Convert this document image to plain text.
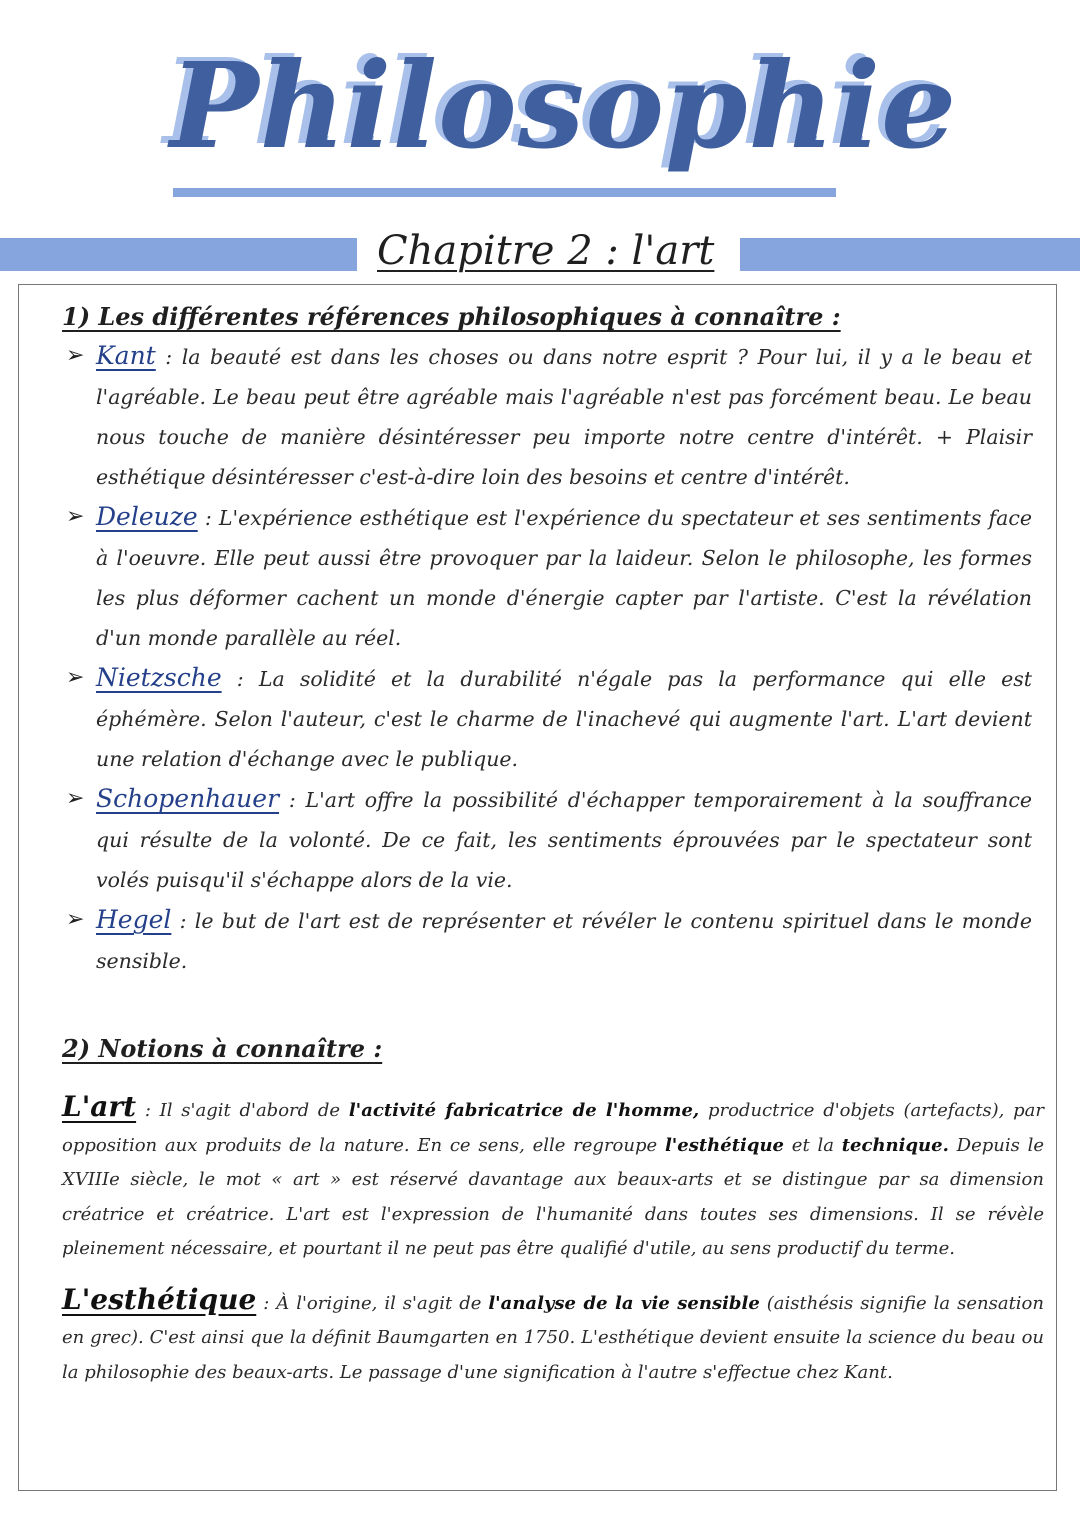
Philosophie
Chapitre 2 : l'art
1) Les différentes références philosophiques à connaître :
➢ Kant : la beauté est dans les choses ou dans notre esprit ? Pour lui, il y a le beau et l'agréable. Le beau peut être agréable mais l'agréable n'est pas forcément beau. Le beau nous touche de manière désintéresser peu importe notre centre d'intérêt. + Plaisir esthétique désintéresser c'est-à-dire loin des besoins et centre d'intérêt.
➢ Deleuze : L'expérience esthétique est l'expérience du spectateur et ses sentiments face à l'oeuvre. Elle peut aussi être provoquer par la laideur. Selon le philosophe, les formes les plus déformer cachent un monde d'énergie capter par l'artiste. C'est la révélation d'un monde parallèle au réel.
➢ Nietzsche : La solidité et la durabilité n'égale pas la performance qui elle est éphémère. Selon l'auteur, c'est le charme de l'inachevé qui augmente l'art. L'art devient une relation d'échange avec le publique.
➢ Schopenhauer : L'art offre la possibilité d'échapper temporairement à la souffrance qui résulte de la volonté. De ce fait, les sentiments éprouvées par le spectateur sont volés puisqu'il s'échappe alors de la vie.
➢ Hegel : le but de l'art est de représenter et révéler le contenu spirituel dans le monde sensible.
2) Notions à connaître :

L'art : Il s'agit d'abord de l'activité fabricatrice de l'homme, productrice d'objets (artefacts), par opposition aux produits de la nature. En ce sens, elle regroupe l'esthétique et la technique. Depuis le XVIIIe siècle, le mot « art » est réservé davantage aux beaux-arts et se distingue par sa dimension créatrice et créatrice. L'art est l'expression de l'humanité dans toutes ses dimensions. Il se révèle pleinement nécessaire, et pourtant il ne peut pas être qualifié d'utile, au sens productif du terme.

L'esthétique : À l'origine, il s'agit de l'analyse de la vie sensible (aisthésis signifie la sensation en grec). C'est ainsi que la définit Baumgarten en 1750. L'esthétique devient ensuite la science du beau ou la philosophie des beaux-arts. Le passage d'une signification à l'autre s'effectue chez Kant.
